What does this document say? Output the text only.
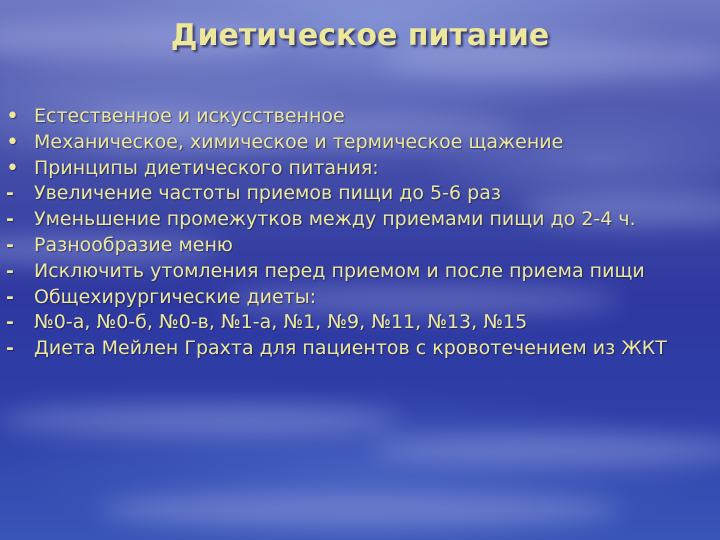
Диетическое питание
• Естественное и искусственное
• Механическое, химическое и термическое щажение
• Принципы диетического питания:
-	Увеличение частоты приемов пищи до 5-6 раз
-	Уменьшение промежутков между приемами пищи до 2-4 ч.
-	Разнообразие меню
-	Исключить утомления перед приемом и после приема пищи
-	Общехирургические диеты:
-	№0-а, №0-б, №0-в, №1-а, №1, №9, №11, №13, №15
-	Диета Мейлен Грахта для пациентов с кровотечением из ЖКТ
